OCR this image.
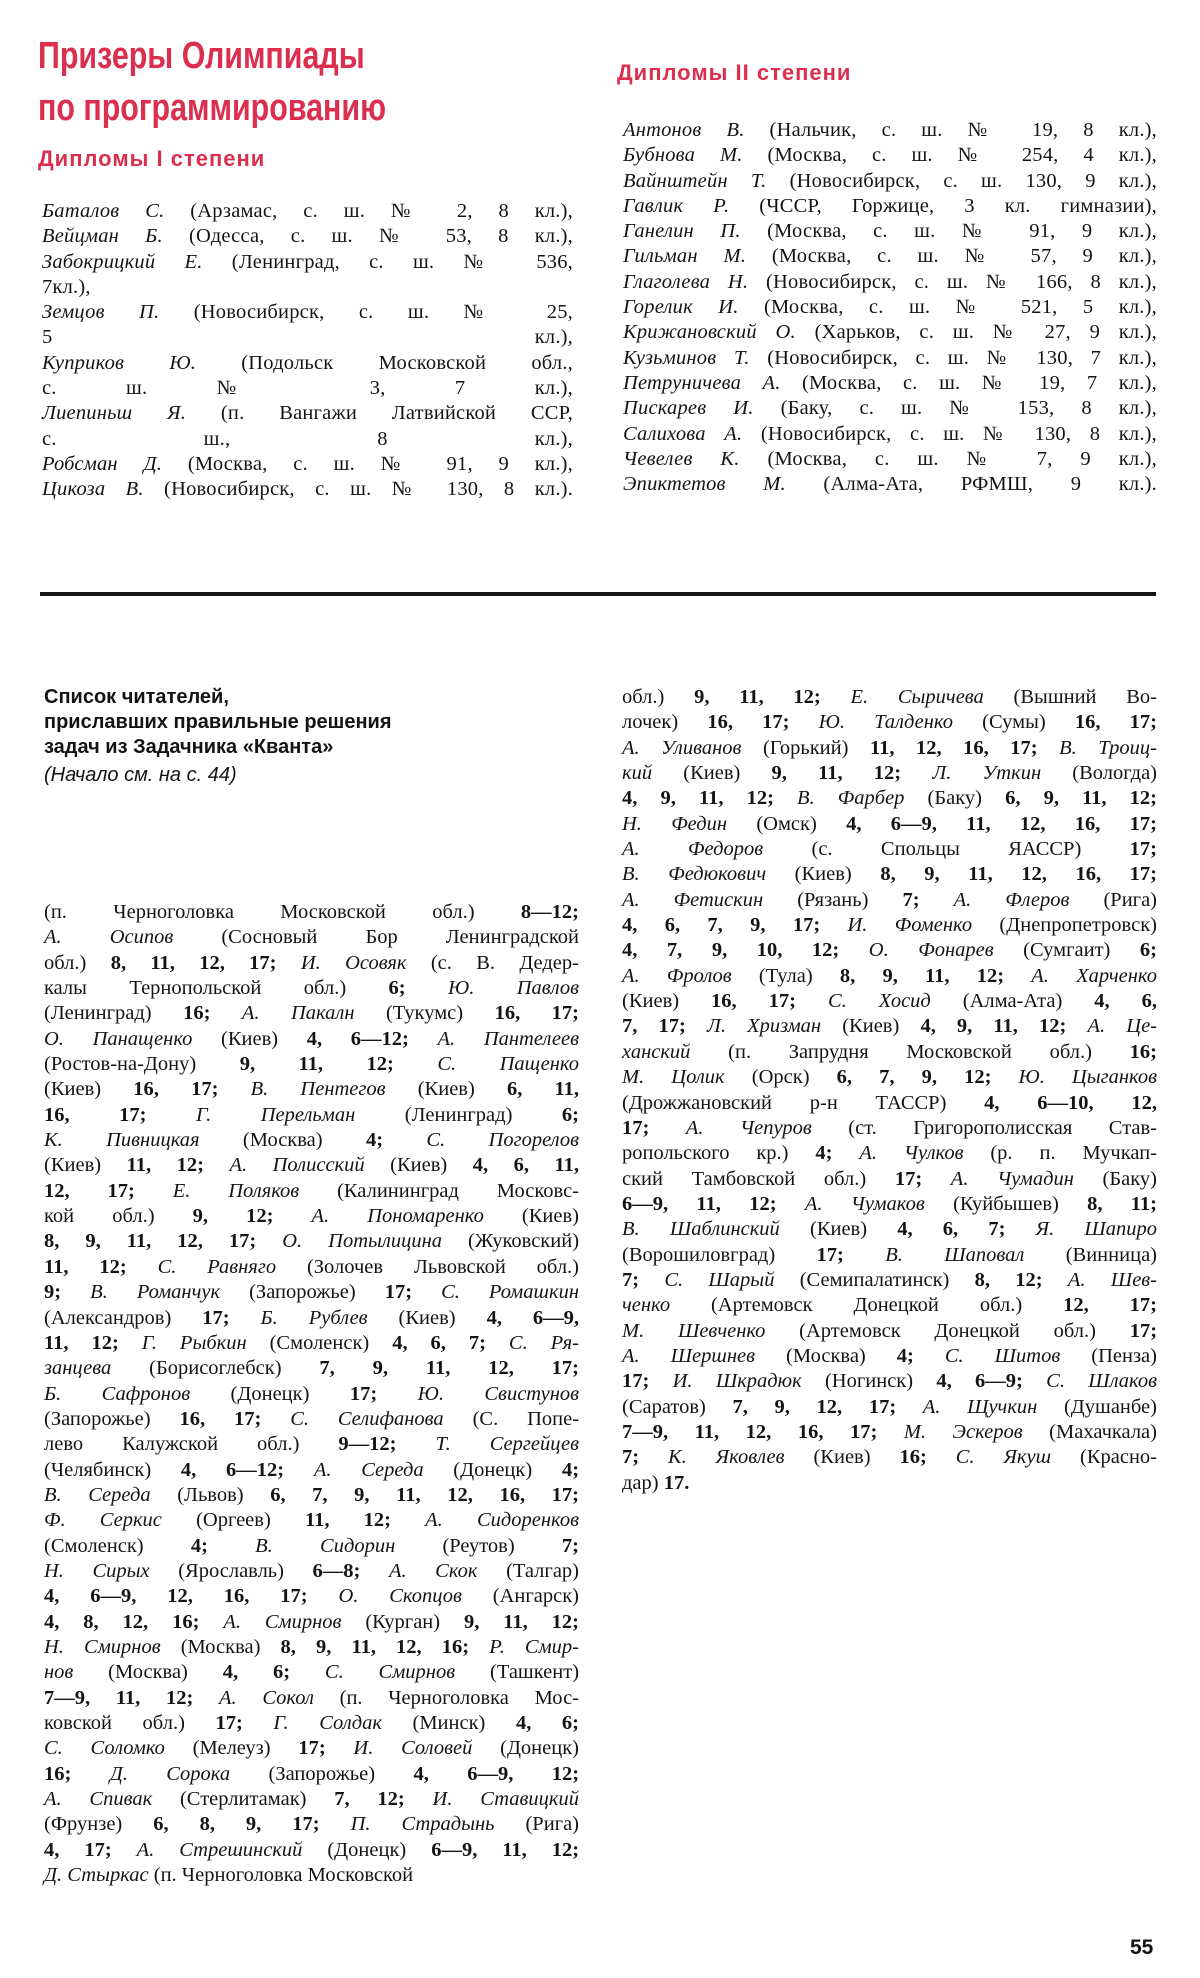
Призеры Олимпиады
по программированию
Дипломы I степени
Баталов С. (Арзамас, с. ш. № 2, 8 кл.),
Вейцман Б. (Одесса, с. ш. № 53, 8 кл.),
Забокрицкий Е. (Ленинград, с. ш. № 536,
7кл.),
Земцов П. (Новосибирск, с. ш. № 25,
5 кл.),
Куприков Ю. (Подольск Московской обл.,
с. ш. № 3, 7 кл.),
Лиепиньш Я. (п. Вангажи Латвийской ССР,
с. ш., 8 кл.),
Робсман Д. (Москва, с. ш. № 91, 9 кл.),
Цикоза В. (Новосибирск, с. ш. № 130, 8 кл.).
Дипломы II степени
Антонов В. (Нальчик, с. ш. № 19, 8 кл.),
Бубнова М. (Москва, с. ш. № 254, 4 кл.),
Вайнштейн Т. (Новосибирск, с. ш. 130, 9 кл.),
Гавлик Р. (ЧССР, Горжице, 3 кл. гимназии),
Ганелин П. (Москва, с. ш. № 91, 9 кл.),
Гильман М. (Москва, с. ш. № 57, 9 кл.),
Глаголева Н. (Новосибирск, с. ш. № 166, 8 кл.),
Горелик И. (Москва, с. ш. № 521, 5 кл.),
Крижановский О. (Харьков, с. ш. № 27, 9 кл.),
Кузьминов Т. (Новосибирск, с. ш. № 130, 7 кл.),
Петруничева А. (Москва, с. ш. № 19, 7 кл.),
Пискарев И. (Баку, с. ш. № 153, 8 кл.),
Салихова А. (Новосибирск, с. ш. № 130, 8 кл.),
Чевелев К. (Москва, с. ш. № 7, 9 кл.),
Эпиктетов М. (Алма-Ата, РФМШ, 9 кл.).

Список читателей,

приславших правильные решения

задач из Задачника «Кванта»

(Начало см. на с. 44)

(п. Черноголовка Московской обл.) 8—12;

А. Осипов (Сосновый Бор Ленинградской

обл.) 8, 11, 12, 17; И. Осовяк (с. В. Дедер-

калы Тернопольской обл.) 6; Ю. Павлов

(Ленинград) 16; А. Пакалн (Тукумс) 16, 17;

О. Панащенко (Киев) 4, 6—12; А. Пантелеев

(Ростов-на-Дону) 9, 11, 12; С. Пащенко

(Киев) 16, 17; В. Пентегов (Киев) 6, 11,

16, 17; Г. Перельман (Ленинград) 6;

К. Пивницкая (Москва) 4; С. Погорелов

(Киев) 11, 12; А. Полисский (Киев) 4, 6, 11,

12, 17; Е. Поляков (Калининград Московс-

кой обл.) 9, 12; А. Пономаренко (Киев)

8, 9, 11, 12, 17; О. Потылицина (Жуковский)

11, 12; С. Равняго (Золочев Львовской обл.)

9; В. Романчук (Запорожье) 17; С. Ромашкин

(Александров) 17; Б. Рублев (Киев) 4, 6—9,

11, 12; Г. Рыбкин (Смоленск) 4, 6, 7; С. Ря-

занцева (Борисоглебск) 7, 9, 11, 12, 17;

Б. Сафронов (Донецк) 17; Ю. Свистунов

(Запорожье) 16, 17; С. Селифанова (С. Попе-

лево Калужской обл.) 9—12; Т. Сергейцев

(Челябинск) 4, 6—12; А. Середа (Донецк) 4;

В. Середа (Львов) 6, 7, 9, 11, 12, 16, 17;

Ф. Серкис (Оргеев) 11, 12; А. Сидоренков

(Смоленск) 4; В. Сидорин (Реутов) 7;

Н. Сирых (Ярославль) 6—8; А. Скок (Талгар)

4, 6—9, 12, 16, 17; О. Скопцов (Ангарск)

4, 8, 12, 16; А. Смирнов (Курган) 9, 11, 12;

Н. Смирнов (Москва) 8, 9, 11, 12, 16; Р. Смир-

нов (Москва) 4, 6; С. Смирнов (Ташкент)

7—9, 11, 12; А. Сокол (п. Черноголовка Мос-

ковской обл.) 17; Г. Солдак (Минск) 4, 6;

С. Соломко (Мелеуз) 17; И. Соловей (Донецк)

16; Д. Сорока (Запорожье) 4, 6—9, 12;

А. Спивак (Стерлитамак) 7, 12; И. Ставицкий

(Фрунзе) 6, 8, 9, 17; П. Страдынь (Рига)

4, 17; А. Стрешинский (Донецк) 6—9, 11, 12;

Д. Стыркас (п. Черноголовка Московской

обл.) 9, 11, 12; Е. Сыричева (Вышний Во-

лочек) 16, 17; Ю. Талденко (Сумы) 16, 17;

А. Уливанов (Горький) 11, 12, 16, 17; В. Троиц-

кий (Киев) 9, 11, 12; Л. Уткин (Вологда)

4, 9, 11, 12; В. Фарбер (Баку) 6, 9, 11, 12;

Н. Федин (Омск) 4, 6—9, 11, 12, 16, 17;

А. Федоров (с. Спольцы ЯАССР) 17;

В. Федюкович (Киев) 8, 9, 11, 12, 16, 17;

А. Фетискин (Рязань) 7; А. Флеров (Рига)

4, 6, 7, 9, 17; И. Фоменко (Днепропетровск)

4, 7, 9, 10, 12; О. Фонарев (Сумгаит) 6;

А. Фролов (Тула) 8, 9, 11, 12; А. Харченко

(Киев) 16, 17; С. Хосид (Алма-Ата) 4, 6,

7, 17; Л. Хризман (Киев) 4, 9, 11, 12; А. Це-

ханский (п. Запрудня Московской обл.) 16;

М. Цолик (Орск) 6, 7, 9, 12; Ю. Цыганков

(Дрожжановский р-н ТАССР) 4, 6—10, 12,

17; А. Чепуров (ст. Григорополисская Став-

ропольского кр.) 4; А. Чулков (р. п. Мучкап-

ский Тамбовской обл.) 17; А. Чумадин (Баку)

6—9, 11, 12; А. Чумаков (Куйбышев) 8, 11;

В. Шаблинский (Киев) 4, 6, 7; Я. Шапиро

(Ворошиловград) 17; В. Шаповал (Винница)

7; С. Шарый (Семипалатинск) 8, 12; А. Шев-

ченко (Артемовск Донецкой обл.) 12, 17;

М. Шевченко (Артемовск Донецкой обл.) 17;

А. Шершнев (Москва) 4; С. Шитов (Пенза)

17; И. Шкрадюк (Ногинск) 4, 6—9; С. Шлаков

(Саратов) 7, 9, 12, 17; А. Щучкин (Душанбе)

7—9, 11, 12, 16, 17; М. Эскеров (Махачкала)

7; К. Яковлев (Киев) 16; С. Якуш (Красно-

дар) 17.

55
